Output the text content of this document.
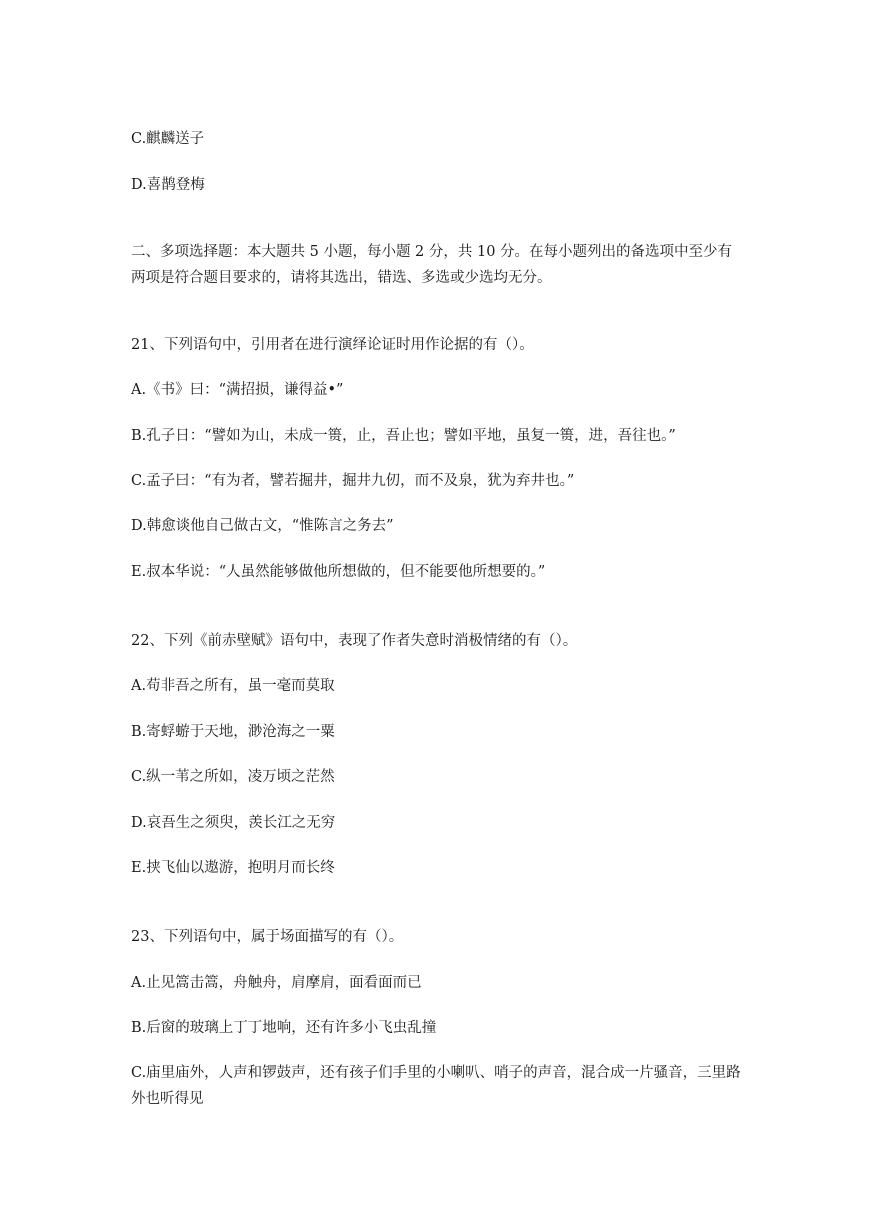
C.麒麟送子
D.喜鹊登梅
二、多项选择题：本大题共 5 小题，每小题 2 分，共 10 分。在每小题列出的备选项中至少有两项是符合题目要求的，请将其选出，错选、多选或少选均无分。
21、下列语句中，引用者在进行演绎论证时用作论据的有（）。
A.《书》曰：“满招损，谦得益•”
B.孔子日：“譬如为山，未成一篑，止，吾止也；譬如平地，虽复一篑，进，吾往也。”
C.孟子曰：“有为者，譬若掘井，掘井九仞，而不及泉，犹为弃井也。”
D.韩愈谈他自己做古文，“惟陈言之务去”
E.叔本华说：“人虽然能够做他所想做的，但不能要他所想要的。”
22、下列《前赤壁赋》语句中，表现了作者失意时消极情绪的有（）。
A.苟非吾之所有，虽一毫而莫取
B.寄蜉蝣于天地，渺沧海之一粟
C.纵一苇之所如，凌万顷之茫然
D.哀吾生之须臾，羡长江之无穷
E.挟飞仙以遨游，抱明月而长终
23、下列语句中，属于场面描写的有（）。
A.止见篙击篙，舟触舟，肩摩肩，面看面而已
B.后窗的玻璃上丁丁地响，还有许多小飞虫乱撞
C.庙里庙外，人声和锣鼓声，还有孩子们手里的小喇叭、哨子的声音，混合成一片骚音，三里路外也听得见
